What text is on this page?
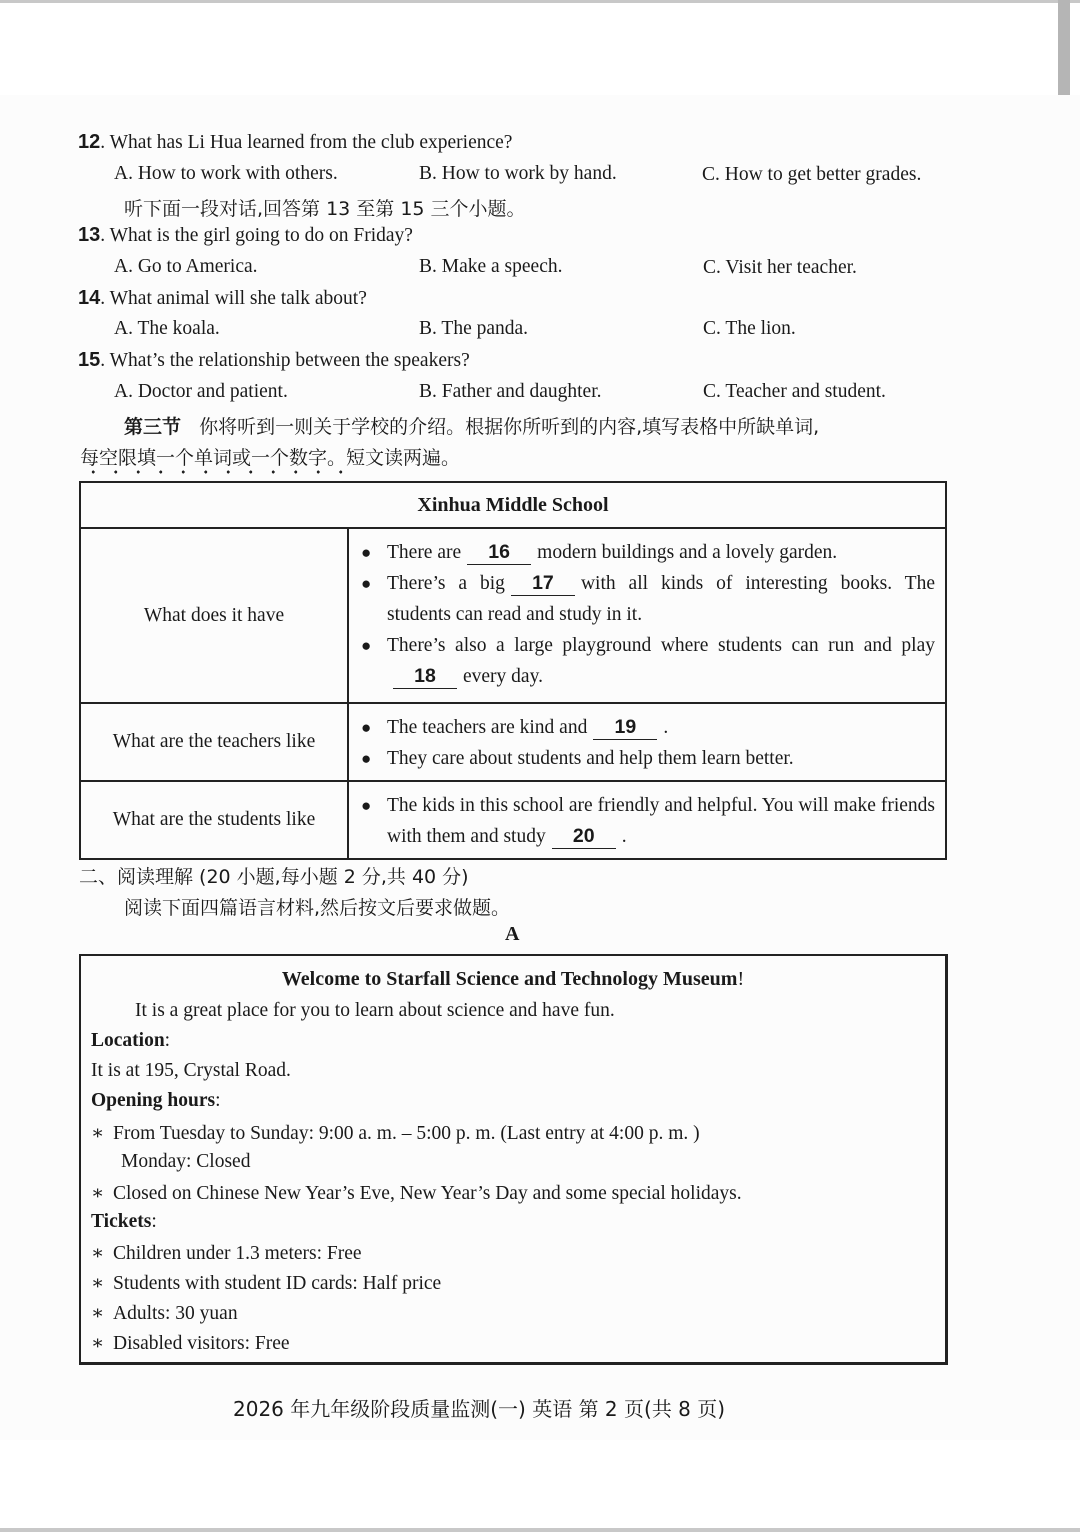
12. What has Li Hua learned from the club experience?
A. How to work with others.	B. How to work by hand.	C. How to get better grades.
听下面一段对话,回答第 13 至第 15 三个小题。
13. What is the girl going to do on Friday?
A. Go to America.	B. Make a speech.	C. Visit her teacher.
14. What animal will she talk about?
A. The koala.	B. The panda.	C. The lion.
15. What’s the relationship between the speakers?
A. Doctor and patient.	B. Father and daughter.	C. Teacher and student.
第三节 你将听到一则关于学校的介绍。根据你所听到的内容,填写表格中所缺单词,
每空限填一个单词或一个数字。短文读两遍。
Xinhua Middle School	
What does it have	
● There are 16 modern buildings and a lovely garden.
● There’s a big 17 with all kinds of interesting books. The students can read and study in it.
● There’s also a large playground where students can run and play18 every day.

What are the teachers like	● The teachers are kind and 19 .
● They care about students and help them learn better.

What are the students like	● The kids in this school are friendly and helpful. You will make friends with them and study 20 .
二、阅读理解 (20 小题,每小题 2 分,共 40 分)
阅读下面四篇语言材料,然后按文后要求做题。
A
Welcome to Starfall Science and Technology Museum!
It is a great place for you to learn about science and have fun.
Location:
It is at 195, Crystal Road.
Opening hours:
∗ From Tuesday to Sunday: 9:00 a. m. – 5:00 p. m. (Last entry at 4:00 p. m. )
Monday: Closed
∗ Closed on Chinese New Year’s Eve, New Year’s Day and some special holidays.
Tickets:
∗ Children under 1.3 meters: Free
∗ Students with student ID cards: Half price
∗ Adults: 30 yuan
∗ Disabled visitors: Free
2026 年九年级阶段质量监测(一) 英语 第 2 页(共 8 页)
